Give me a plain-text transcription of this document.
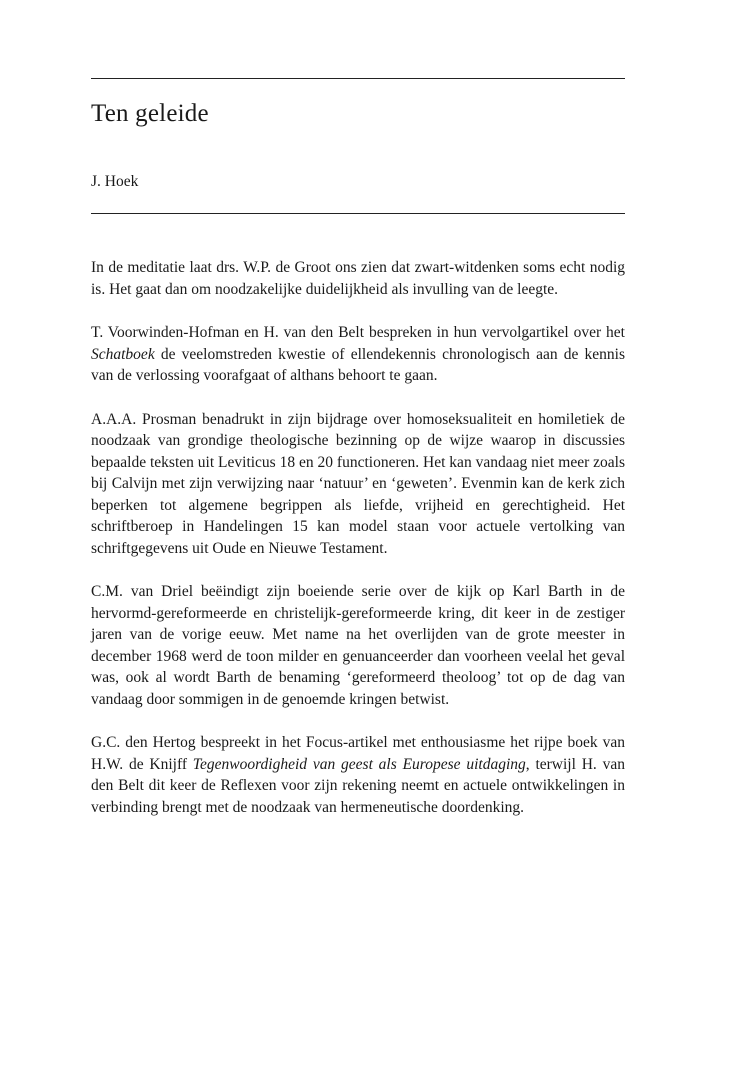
Ten geleide

J. Hoek

In de meditatie laat drs. W.P. de Groot ons zien dat zwart-witdenken soms echt nodig is. Het gaat dan om noodzakelijke duidelijkheid als invulling van de leegte.

T. Voorwinden-Hofman en H. van den Belt bespreken in hun vervolgartikel over het Schatboek de veelomstreden kwestie of ellendekennis chronologisch aan de kennis van de verlossing voorafgaat of althans behoort te gaan.

A.A.A. Prosman benadrukt in zijn bijdrage over homoseksualiteit en homiletiek de noodzaak van grondige theologische bezinning op de wijze waarop in discussies bepaalde teksten uit Leviticus 18 en 20 functioneren. Het kan vandaag niet meer zoals bij Calvijn met zijn verwijzing naar ‘natuur’ en ‘geweten’. Evenmin kan de kerk zich beperken tot algemene begrippen als liefde, vrijheid en gerechtigheid. Het schriftberoep in Handelingen 15 kan model staan voor actuele vertolking van schriftgegevens uit Oude en Nieuwe Testament.

C.M. van Driel beëindigt zijn boeiende serie over de kijk op Karl Barth in de hervormd-gereformeerde en christelijk-gereformeerde kring, dit keer in de zestiger jaren van de vorige eeuw. Met name na het overlijden van de grote meester in december 1968 werd de toon milder en genuanceerder dan voorheen veelal het geval was, ook al wordt Barth de benaming ‘gereformeerd theoloog’ tot op de dag van vandaag door sommigen in de genoemde kringen betwist.

G.C. den Hertog bespreekt in het Focus-artikel met enthousiasme het rijpe boek van H.W. de Knijff Tegenwoordigheid van geest als Europese uitdaging, terwijl H. van den Belt dit keer de Reflexen voor zijn rekening neemt en actuele ontwikkelingen in verbinding brengt met de noodzaak van hermeneutische doordenking.
